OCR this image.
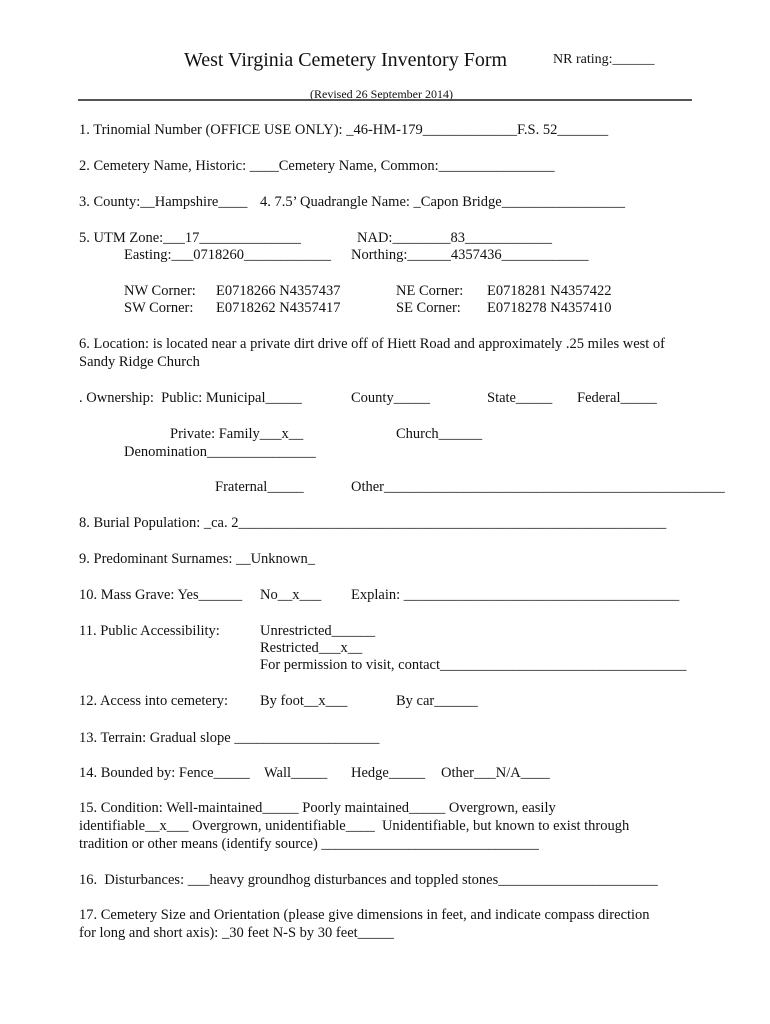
West Virginia Cemetery Inventory Form	NR rating:______
(Revised 26 September 2014)
1. Trinomial Number (OFFICE USE ONLY): _46-HM-179_____________F.S. 52_______
2. Cemetery Name, Historic: ____Cemetery Name, Common:________________
3. County:__Hampshire____ 4. 7.5’ Quadrangle Name: _Capon Bridge_________________
5. UTM Zone:___17______________	NAD:________83____________
Easting:___0718260____________ Northing:______4357436____________
NW Corner: E0718266 N4357437	NE Corner: E0718281 N4357422
SW Corner: E0718262 N4357417	SE Corner: E0718278 N4357410
6. Location: is located near a private dirt drive off of Hiett Road and approximately .25 miles west of
Sandy Ridge Church
. Ownership:  Public: Municipal_____	County_____	State_____ Federal_____
Private: Family___x__	Church______
Denomination_______________
Fraternal_____	Other_______________________________________________
8. Burial Population: _ca. 2___________________________________________________________
9. Predominant Surnames: __Unknown_
10. Mass Grave: Yes______ No__x___ Explain: ______________________________________
11. Public Accessibility:	Unrestricted______
Restricted___x__
For permission to visit, contact__________________________________
12. Access into cemetery: By foot__x___	By car______
13. Terrain: Gradual slope ____________________
14. Bounded by: Fence_____ Wall_____ Hedge_____ Other___N/A____
15. Condition: Well-maintained_____ Poorly maintained_____ Overgrown, easily
identifiable__x___ Overgrown, unidentifiable____  Unidentifiable, but known to exist through
tradition or other means (identify source) ______________________________
16.  Disturbances: ___heavy groundhog disturbances and toppled stones______________________
17. Cemetery Size and Orientation (please give dimensions in feet, and indicate compass direction
for long and short axis): _30 feet N-S by 30 feet_____
